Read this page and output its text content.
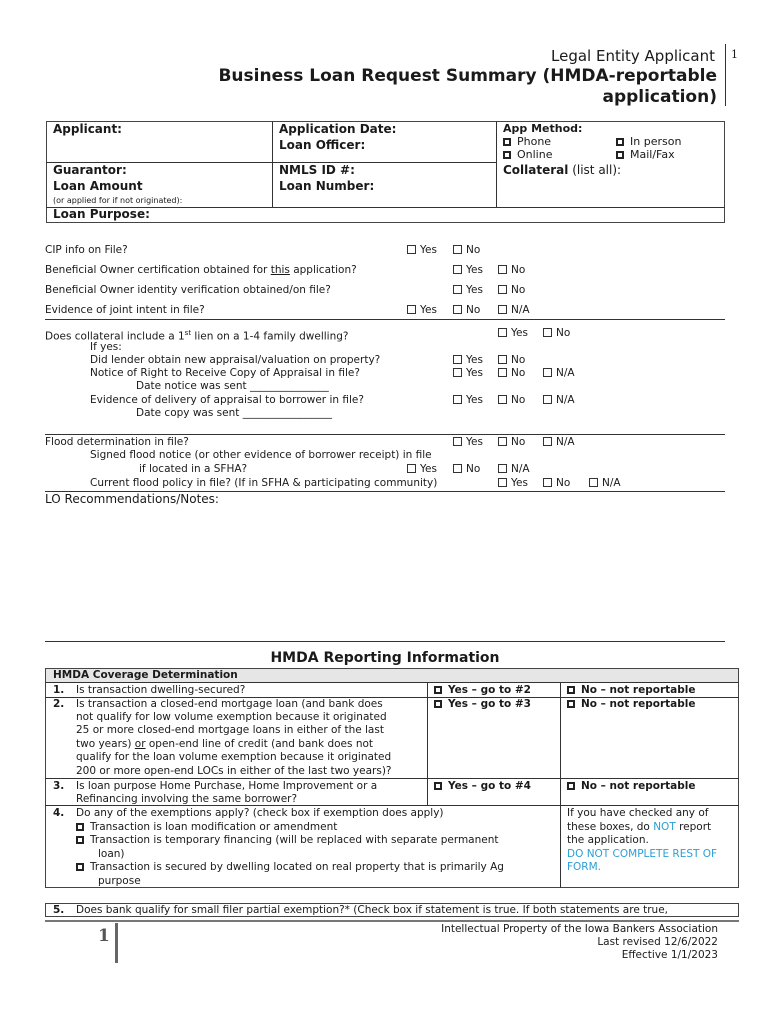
Legal Entity Applicant 1
Business Loan Request Summary (HMDA-reportable
application)
Applicant:	Application Date:
Loan Officer:
App Method:
Phone	In person
Online	Mail/Fax
Guarantor:	NMLS ID #:	Collateral (list all):
Loan Amount
(or applied for if not originated):
Loan Number:
Loan Purpose:
CIP info on File?	Yes	No
Beneficial Owner certification obtained for this application?	Yes	No
Beneficial Owner identity verification obtained/on file?	Yes	No
Evidence of joint intent in file?	Yes	No	N/A
Does collateral include a 1st lien on a 1-4 family dwelling?	Yes	No
If yes:
Did lender obtain new appraisal/valuation on property?	Yes	No
Notice of Right to Receive Copy of Appraisal in file?	Yes	No	N/A
Date notice was sent _______________
Evidence of delivery of appraisal to borrower in file?	Yes	No	N/A
Date copy was sent _________________
Flood determination in file?	Yes	No	N/A
Signed flood notice (or other evidence of borrower receipt) in file
if located in a SFHA?	Yes	No	N/A
Current flood policy in file? (If in SFHA & participating community)	Yes	No	N/A
LO Recommendations/Notes:
HMDA Reporting Information
HMDA Coverage Determination
1. Is transaction dwelling-secured?	Yes – go to #2	No – not reportable
2. Is transaction a closed-end mortgage loan (and bank does
not qualify for low volume exemption because it originated
25 or more closed-end mortgage loans in either of the last
two years) or open-end line of credit (and bank does not
qualify for the loan volume exemption because it originated
200 or more open-end LOCs in either of the last two years)?
Yes – go to #3	No – not reportable
3. Is loan purpose Home Purchase, Home Improvement or a
Refinancing involving the same borrower?
Yes – go to #4	No – not reportable
4. Do any of the exemptions apply? (check box if exemption does apply)
Transaction is loan modification or amendment
Transaction is temporary financing (will be replaced with separate permanent
loan)
Transaction is secured by dwelling located on real property that is primarily Ag
purpose
If you have checked any of
these boxes, do NOT report
the application.
DO NOT COMPLETE REST OF
FORM.
5. Does bank qualify for small filer partial exemption?* (Check box if statement is true. If both statements are true,
1	Intellectual Property of the Iowa Bankers Association
Last revised 12/6/2022
Effective 1/1/2023
